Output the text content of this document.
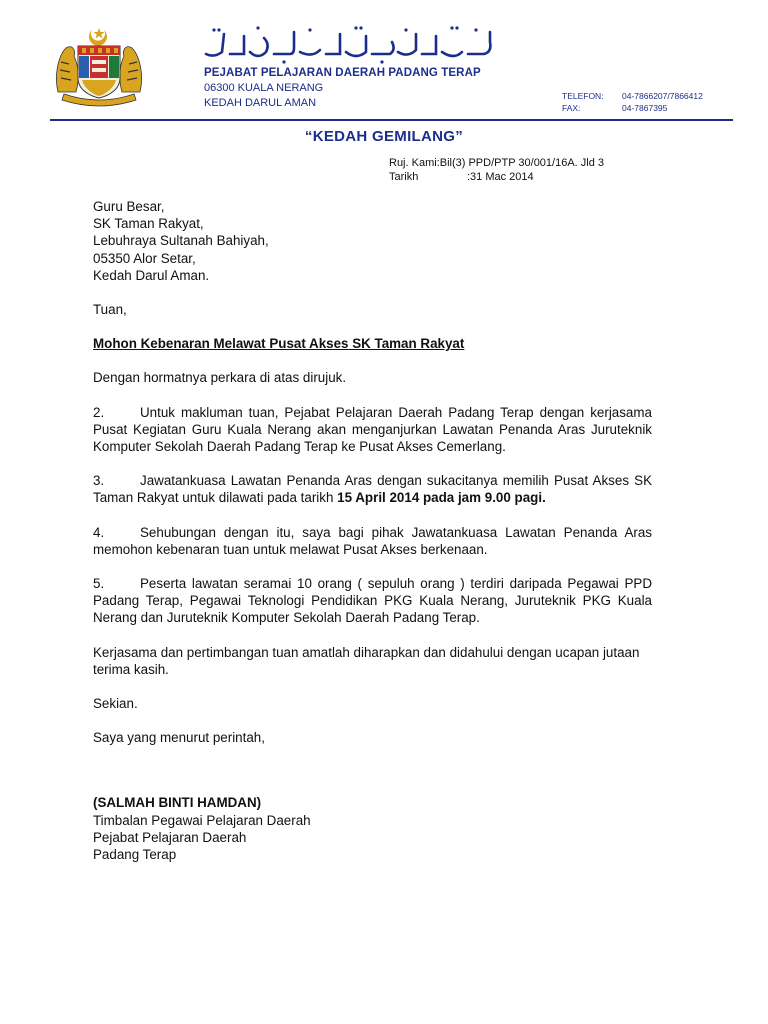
PEJABAT PELAJARAN DAERAH PADANG TERAP
06300 KUALA NERANG
KEDAH DARUL AMAN
TELEFON: 04-7866207/7866412
FAX:	04-7867395
“KEDAH GEMILANG”
Ruj. Kami:Bil(3) PPD/PTP 30/001/16A. Jld 3
Tarikh	:31 Mac 2014

Guru Besar,

SK Taman Rakyat,

Lebuhraya Sultanah Bahiyah,

05350 Alor Setar,

Kedah Darul Aman.

Tuan,

Mohon Kebenaran Melawat Pusat Akses SK Taman Rakyat

Dengan hormatnya perkara di atas dirujuk.

2.	Untuk makluman tuan, Pejabat Pelajaran Daerah Padang Terap dengan kerjasama Pusat Kegiatan Guru Kuala Nerang akan menganjurkan Lawatan Penanda Aras Juruteknik Komputer Sekolah Daerah Padang Terap ke Pusat Akses Cemerlang.

3.	Jawatankuasa Lawatan Penanda Aras dengan sukacitanya memilih Pusat Akses SK Taman Rakyat untuk dilawati pada tarikh 15 April 2014 pada jam 9.00 pagi.

4.	Sehubungan dengan itu, saya bagi pihak Jawatankuasa Lawatan Penanda Aras memohon kebenaran tuan untuk melawat Pusat Akses berkenaan.

5.	Peserta lawatan seramai 10 orang ( sepuluh orang ) terdiri daripada Pegawai PPD Padang Terap, Pegawai Teknologi Pendidikan PKG Kuala Nerang, Juruteknik PKG Kuala Nerang dan Juruteknik Komputer Sekolah Daerah Padang Terap.

Kerjasama dan pertimbangan tuan amatlah diharapkan dan didahului dengan ucapan jutaan terima kasih.

Sekian.

Saya yang menurut perintah,

(SALMAH BINTI HAMDAN)

Timbalan Pegawai Pelajaran Daerah

Pejabat Pelajaran Daerah

Padang Terap
